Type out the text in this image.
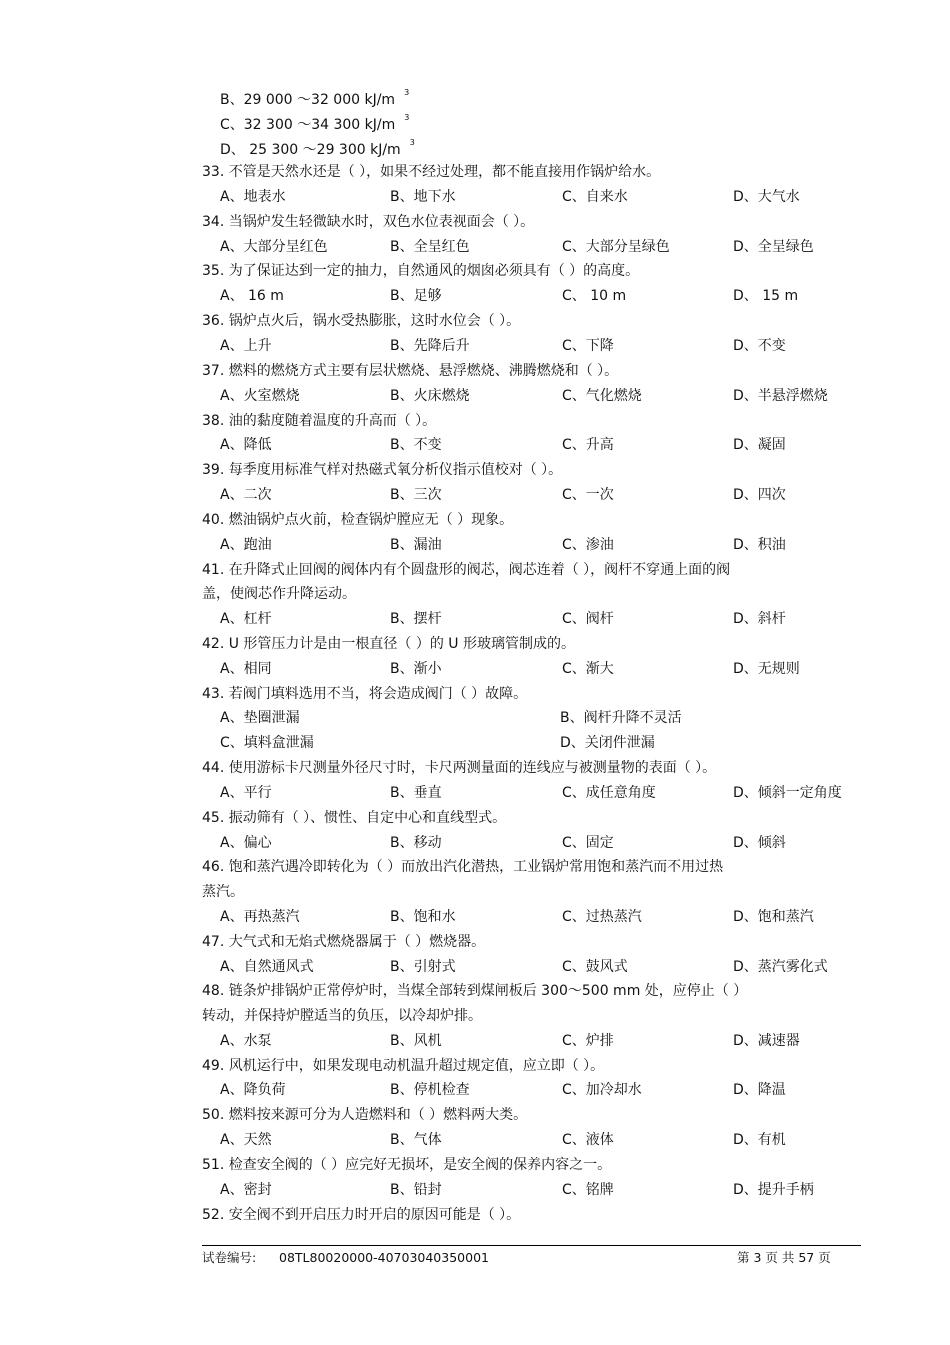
B、29 000 ～32 000 kJ/m $^3$
C、32 300 ～34 300 kJ/m $^3$
D、 25 300 ～29 300 kJ/m $^3$
33. 不管是天然水还是（ ），如果不经过处理，都不能直接用作锅炉给水。
A、地表水	B、地下水	C、自来水	D、大气水
34. 当锅炉发生轻微缺水时，双色水位表视面会（ ）。
A、大部分呈红色	B、全呈红色	C、大部分呈绿色	D、全呈绿色
35. 为了保证达到一定的抽力，自然通风的烟囱必须具有（ ）的高度。
A、 16 m	B、足够	C、 10 m	D、 15 m
36. 锅炉点火后，锅水受热膨胀，这时水位会（ ）。
A、上升	B、先降后升	C、下降	D、不变
37. 燃料的燃烧方式主要有层状燃烧、悬浮燃烧、沸腾燃烧和（ ）。
A、火室燃烧	B、火床燃烧	C、气化燃烧	D、半悬浮燃烧
38. 油的黏度随着温度的升高而（ ）。
A、降低	B、不变	C、升高	D、凝固
39. 每季度用标准气样对热磁式氧分析仪指示值校对（ ）。
A、二次	B、三次	C、一次	D、四次
40. 燃油锅炉点火前，检查锅炉膛应无（ ）现象。
A、跑油	B、漏油	C、渗油	D、积油
41. 在升降式止回阀的阀体内有个圆盘形的阀芯，阀芯连着（ ），阀杆不穿通上面的阀
盖，使阀芯作升降运动。
A、杠杆	B、摆杆	C、阀杆	D、斜杆
42. U 形管压力计是由一根直径（ ）的 U 形玻璃管制成的。
A、相同	B、渐小	C、渐大	D、无规则
43. 若阀门填料选用不当，将会造成阀门（ ）故障。
A、垫圈泄漏	B、阀杆升降不灵活
C、填料盒泄漏	D、关闭件泄漏
44. 使用游标卡尺测量外径尺寸时，卡尺两测量面的连线应与被测量物的表面（ ）。
A、平行	B、垂直	C、成任意角度	D、倾斜一定角度
45. 振动筛有（ ）、惯性、自定中心和直线型式。
A、偏心	B、移动	C、固定	D、倾斜
46. 饱和蒸汽遇冷即转化为（ ）而放出汽化潜热，工业锅炉常用饱和蒸汽而不用过热
蒸汽。
A、再热蒸汽	B、饱和水	C、过热蒸汽	D、饱和蒸汽
47. 大气式和无焰式燃烧器属于（ ）燃烧器。
A、自然通风式	B、引射式	C、鼓风式	D、蒸汽雾化式
48. 链条炉排锅炉正常停炉时，当煤全部转到煤闸板后 300～500 mm 处，应停止（ ）
转动，并保持炉膛适当的负压，以冷却炉排。
A、水泵	B、风机	C、炉排	D、减速器
49. 风机运行中，如果发现电动机温升超过规定值，应立即（ ）。
A、降负荷	B、停机检查	C、加冷却水	D、降温
50. 燃料按来源可分为人造燃料和（ ）燃料两大类。
A、天然	B、气体	C、液体	D、有机
51. 检查安全阀的（ ）应完好无损坏，是安全阀的保养内容之一。
A、密封	B、铅封	C、铭牌	D、提升手柄
52. 安全阀不到开启压力时开启的原因可能是（ ）。
试卷编号: 08TL80020000-40703040350001	第 3 页 共 57 页
